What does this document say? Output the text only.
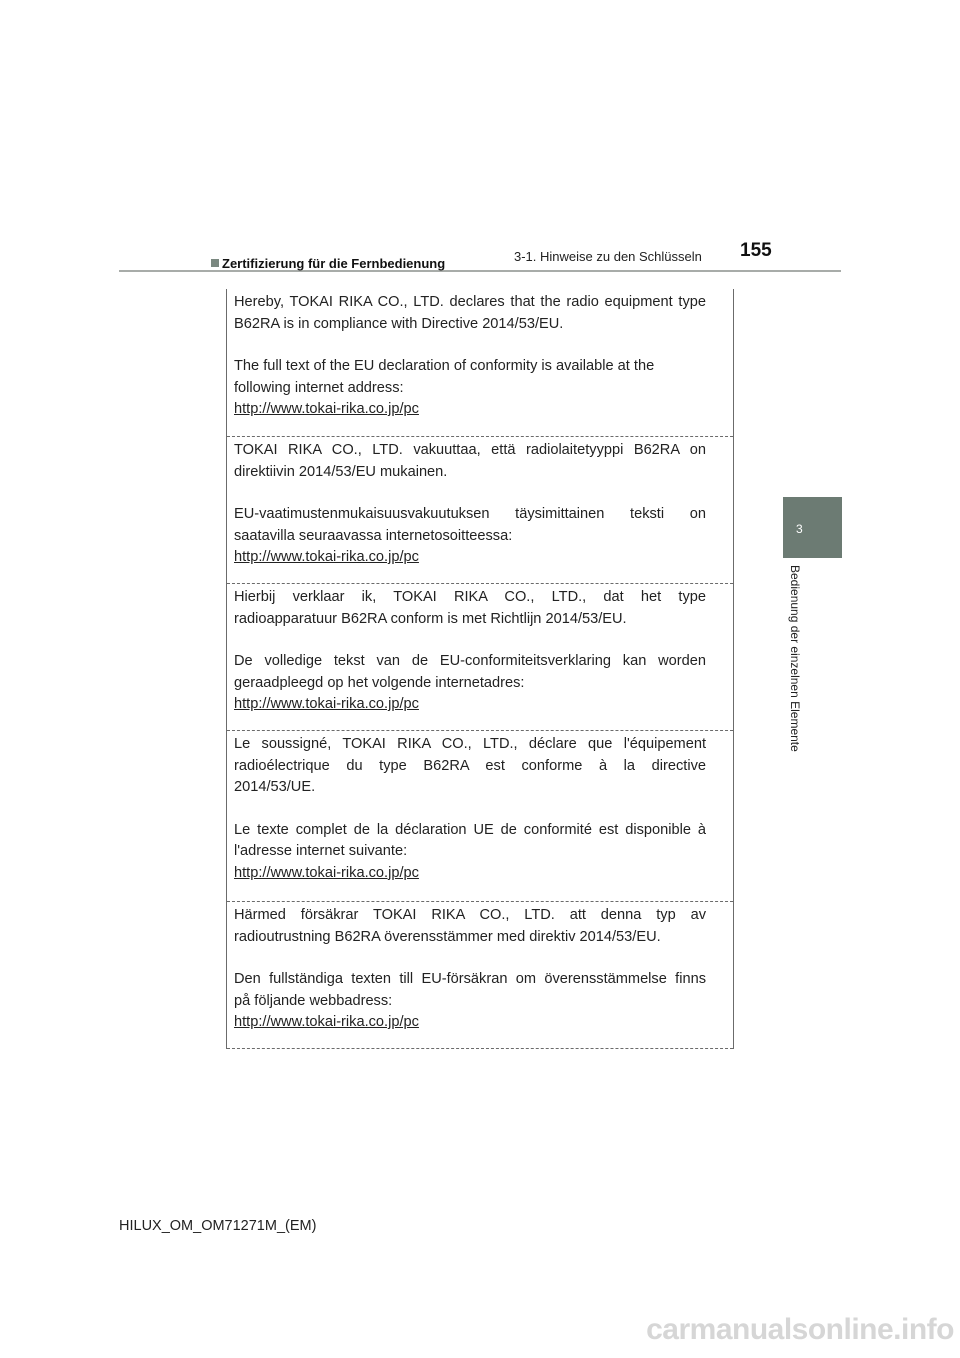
3-1. Hinweise zu den Schlüsseln 155
3
Bedienung der einzelnen Elemente
Zertifizierung für die Fernbedienung

Hereby, TOKAI RIKA CO., LTD. declares that the radio equipment type

B62RA is in compliance with Directive 2014/53/EU.

The full text of the EU declaration of conformity is available at the

following internet address:

http://www.tokai-rika.co.jp/pc

TOKAI RIKA CO., LTD. vakuuttaa, että radiolaitetyyppi B62RA on

direktiivin 2014/53/EU mukainen.

EU-vaatimustenmukaisuusvakuutuksen täysimittainen teksti on

saatavilla seuraavassa internetosoitteessa:

http://www.tokai-rika.co.jp/pc

Hierbij verklaar ik, TOKAI RIKA CO., LTD., dat het type

radioapparatuur B62RA conform is met Richtlijn 2014/53/EU.

De volledige tekst van de EU-conformiteitsverklaring kan worden

geraadpleegd op het volgende internetadres:

http://www.tokai-rika.co.jp/pc

Le soussigné, TOKAI RIKA CO., LTD., déclare que l'équipement

radioélectrique du type B62RA est conforme à la directive

2014/53/UE.

Le texte complet de la déclaration UE de conformité est disponible à

l'adresse internet suivante:

http://www.tokai-rika.co.jp/pc

Härmed försäkrar TOKAI RIKA CO., LTD. att denna typ av

radioutrustning B62RA överensstämmer med direktiv 2014/53/EU.

Den fullständiga texten till EU-försäkran om överensstämmelse finns

på följande webbadress:

http://www.tokai-rika.co.jp/pc

HILUX_OM_OM71271M_(EM)
carmanualsonline.info
